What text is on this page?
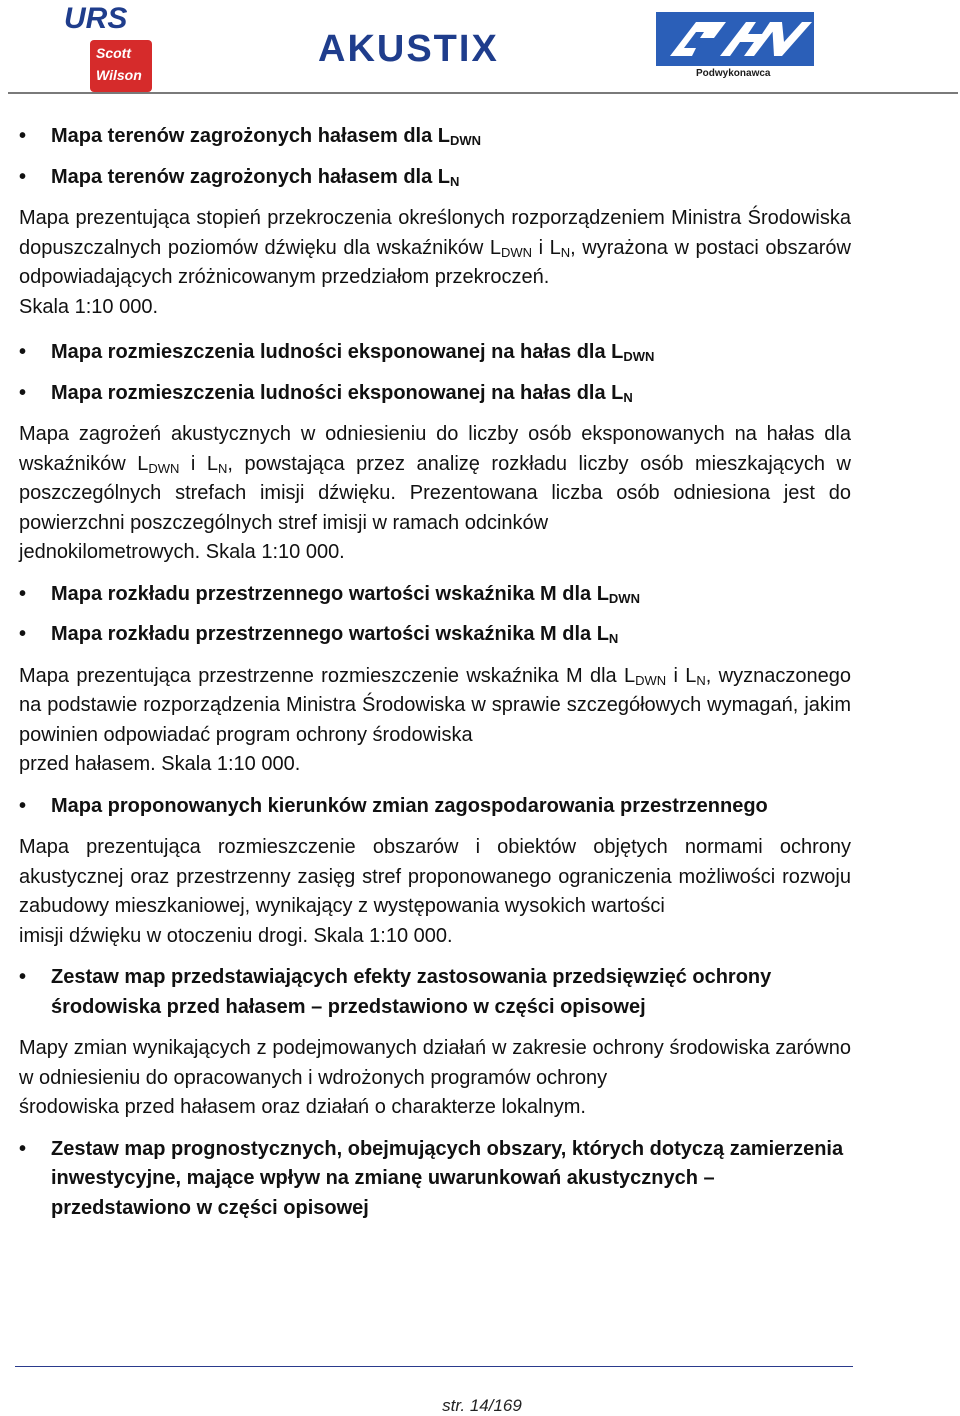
URS
Scott
Wilson
AKUSTIX
Podwykonawca
•	Mapa terenów zagrożonych hałasem dla $L_{DWN}$
•	Mapa terenów zagrożonych hałasem dla $L_N$
Mapa prezentująca stopień przekroczenia określonych rozporządzeniem Ministra Środowiska dopuszczalnych poziomów dźwięku dla wskaźników $L_{DWN}$ i $L_N$, wyrażona w postaci obszarów odpowiadających zróżnicowanym przedziałom przekroczeń.
Skala 1:10 000.
•	Mapa rozmieszczenia ludności eksponowanej na hałas dla $L_{DWN}$
•	Mapa rozmieszczenia ludności eksponowanej na hałas dla $L_N$
Mapa zagrożeń akustycznych w odniesieniu do liczby osób eksponowanych na hałas dla wskaźników $L_{DWN}$ i $L_N$, powstająca przez analizę rozkładu liczby osób mieszkających w poszczególnych strefach imisji dźwięku. Prezentowana liczba osób odniesiona jest do powierzchni poszczególnych stref imisji w ramach odcinków
jednokilometrowych. Skala 1:10 000.
•	Mapa rozkładu przestrzennego wartości wskaźnika M dla $L_{DWN}$
•	Mapa rozkładu przestrzennego wartości wskaźnika M dla $L_N$
Mapa prezentująca przestrzenne rozmieszczenie wskaźnika M dla $L_{DWN}$ i $L_N$, wyznaczonego na podstawie rozporządzenia Ministra Środowiska w sprawie szczegółowych wymagań, jakim powinien odpowiadać program ochrony środowiska
przed hałasem. Skala 1:10 000.
•	Mapa proponowanych kierunków zmian zagospodarowania przestrzennego
Mapa prezentująca rozmieszczenie obszarów i obiektów objętych normami ochrony akustycznej oraz przestrzenny zasięg stref proponowanego ograniczenia możliwości rozwoju zabudowy mieszkaniowej, wynikający z występowania wysokich wartości
imisji dźwięku w otoczeniu drogi. Skala 1:10 000.
•	Zestaw map przedstawiających efekty zastosowania przedsięwzięć ochrony środowiska przed hałasem – przedstawiono w części opisowej
Mapy zmian wynikających z podejmowanych działań w zakresie ochrony środowiska zarówno w odniesieniu do opracowanych i wdrożonych programów ochrony
środowiska przed hałasem oraz działań o charakterze lokalnym.
•	Zestaw map prognostycznych, obejmujących obszary, których dotyczą zamierzenia inwestycyjne, mające wpływ na zmianę uwarunkowań akustycznych – przedstawiono w części opisowej
str. 14/169
